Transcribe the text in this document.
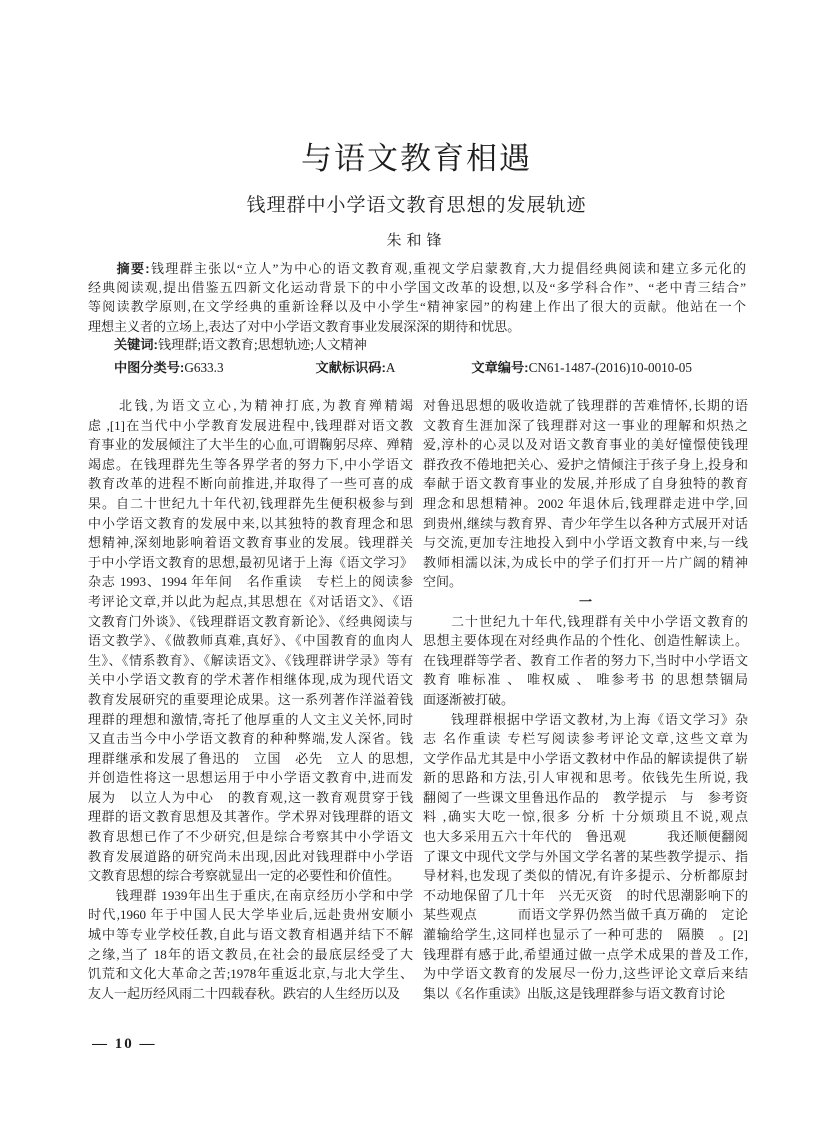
与语文教育相遇
钱理群中小学语文教育思想的发展轨迹
朱和锋
　　摘要:钱理群主张以“立人”为中心的语文教育观,重视文学启蒙教育,大力提倡经典阅读和建立多元化的
经典阅读观,提出借鉴五四新文化运动背景下的中小学国文改革的设想,以及“多学科合作”、“老中青三结合”
等阅读教学原则,在文学经典的重新诠释以及中小学生“精神家园”的构建上作出了很大的贡献。他站在一个
理想主义者的立场上,表达了对中小学语文教育事业发展深深的期待和忧思。
关键词:钱理群;语文教育;思想轨迹;人文精神
中图分类号:G633.3	文献标识码:A	文章编号:CN61-1487-(2016)10-0010-05
　　北钱,为语文立心,为精神打底,为教育殚精竭
虑 ,[1]在当代中小学教育发展进程中,钱理群对语文教
育事业的发展倾注了大半生的心血,可谓鞠躬尽瘁、殚精
竭虑。在钱理群先生等各界学者的努力下,中小学语文
教育改革的进程不断向前推进,并取得了一些可喜的成
果。自二十世纪九十年代初,钱理群先生便积极参与到
中小学语文教育的发展中来,以其独特的教育理念和思
想精神,深刻地影响着语文教育事业的发展。钱理群关
于中小学语文教育的思想,最初见诸于上海《语文学习》
杂志 1993、1994 年年间　名作重读　专栏上的阅读参
考评论文章,并以此为起点,其思想在《对话语文》、《语
文教育门外谈》、《钱理群语文教育新论》、《经典阅读与
语文教学》、《做教师真难,真好》、《中国教育的血肉人
生》、《情系教育》、《解读语文》、《钱理群讲学录》等有
关中小学语文教育的学术著作相继体现,成为现代语文
教育发展研究的重要理论成果。这一系列著作洋溢着钱
理群的理想和激情,寄托了他厚重的人文主义关怀,同时
又直击当今中小学语文教育的种种弊端,发人深省。钱
理群继承和发展了鲁迅的　立国　必先　立人 的思想,
并创造性将这一思想运用于中小学语文教育中,进而发
展为　以立人为中心　的教育观,这一教育观贯穿于钱
理群的语文教育思想及其著作。学术界对钱理群的语文
教育思想已作了不少研究,但是综合考察其中小学语文
教育发展道路的研究尚未出现,因此对钱理群中小学语
文教育思想的综合考察就显出一定的必要性和价值性。
　　钱理群 1939年出生于重庆,在南京经历小学和中学
时代,1960 年于中国人民大学毕业后,远赴贵州安顺小
城中等专业学校任教,自此与语文教育相遇并结下不解
之缘,当了 18年的语文教员,在社会的最底层经受了大
饥荒和文化大革命之苦;1978年重返北京,与北大学生、
友人一起历经风雨二十四载春秋。跌宕的人生经历以及
对鲁迅思想的吸收造就了钱理群的苦难情怀,长期的语
文教育生涯加深了钱理群对这一事业的理解和炽热之
爱,淳朴的心灵以及对语文教育事业的美好憧憬使钱理
群孜孜不倦地把关心、爱护之情倾注于孩子身上,投身和
奉献于语文教育事业的发展,并形成了自身独特的教育
理念和思想精神。2002 年退休后,钱理群走进中学,回
到贵州,继续与教育界、青少年学生以各种方式展开对话
与交流,更加专注地投入到中小学语文教育中来,与一线
教师相濡以沫,为成长中的学子们打开一片广阔的精神
空间。
一
　　二十世纪九十年代,钱理群有关中小学语文教育的
思想主要体现在对经典作品的个性化、创造性解读上。
在钱理群等学者、教育工作者的努力下,当时中小学语文
教育 唯标准 、 唯权威 、 唯参考书 的思想禁锢局
面逐渐被打破。
　　钱理群根据中学语文教材,为上海《语文学习》杂
志 名作重读 专栏写阅读参考评论文章,这些文章为
文学作品尤其是中小学语文教材中作品的解读提供了崭
新的思路和方法,引人审视和思考。依钱先生所说, 我
翻阅了一些课文里鲁迅作品的　教学提示　与　参考资
料 ,确实大吃一惊,很多 分析 十分烦琐且不说,观点
也大多采用五六十年代的　鲁迅观　　　我还顺便翻阅
了课文中现代文学与外国文学名著的某些教学提示、指
导材料,也发现了类似的情况,有许多提示、分析都原封
不动地保留了几十年　兴无灭资　的时代思潮影响下的
某些观点　　　而语文学界仍然当做千真万确的　定论
灌输给学生,这同样也显示了一种可悲的　隔膜　。[2]
钱理群有感于此,希望通过做一点学术成果的普及工作,
为中学语文教育的发展尽一份力,这些评论文章后来结
集以《名作重读》出版,这是钱理群参与语文教育讨论
— 10 —
